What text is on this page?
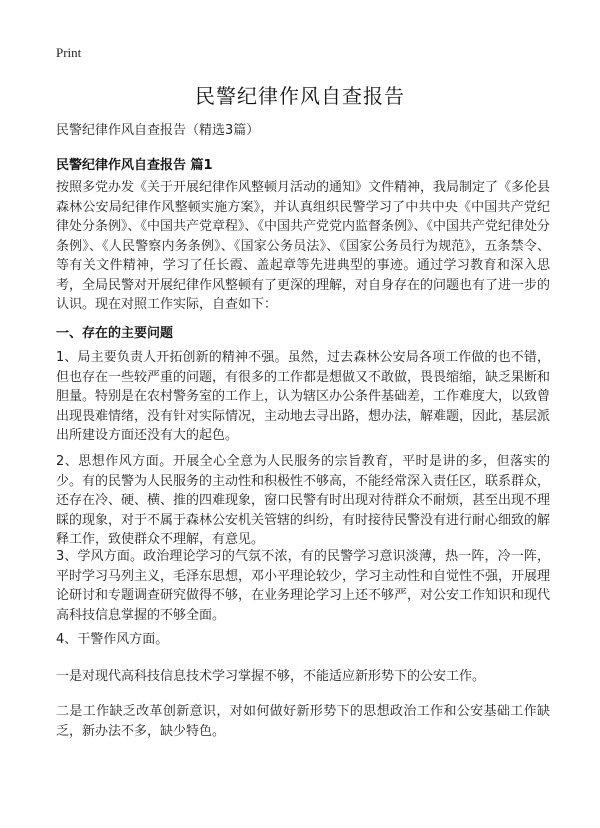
Print
民警纪律作风自查报告
民警纪律作风自查报告（精选3篇）
民警纪律作风自查报告 篇1

按照多党办发《关于开展纪律作风整顿月活动的通知》文件精神，我局制定了《多伦县森林公安局纪律作风整顿实施方案》，并认真组织民警学习了中共中央《中国共产党纪律处分条例》、《中国共产党章程》、《中国共产党党内监督条例》、《中国共产党纪律处分条例》、《人民警察内务条例》、《国家公务员法》、《国家公务员行为规范》，五条禁令、等有关文件精神，学习了任长霞、盖起章等先进典型的事迹。通过学习教育和深入思考，全局民警对开展纪律作风整顿有了更深的理解，对自身存在的问题也有了进一步的认识。现在对照工作实际，自查如下：

一、存在的主要问题

1、局主要负责人开拓创新的精神不强。虽然，过去森林公安局各项工作做的也不错，但也存在一些较严重的问题，有很多的工作都是想做又不敢做，畏畏缩缩，缺乏果断和胆量。特别是在农村警务室的工作上，认为辖区办公条件基础差，工作难度大，以致曾出现畏难情绪，没有针对实际情况，主动地去寻出路，想办法，解难题，因此，基层派出所建设方面还没有大的起色。

2、思想作风方面。开展全心全意为人民服务的宗旨教育，平时是讲的多，但落实的少。有的民警为人民服务的主动性和积极性不够高，不能经常深入责任区，联系群众，还存在冷、硬、横、推的四难现象，窗口民警有时出现对待群众不耐烦，甚至出现不理睬的现象，对于不属于森林公安机关管辖的纠纷，有时接待民警没有进行耐心细致的解释工作，致使群众不理解，有意见。

3、学风方面。政治理论学习的气氛不浓，有的民警学习意识淡薄，热一阵，冷一阵，平时学习马列主义，毛泽东思想，邓小平理论较少，学习主动性和自觉性不强，开展理论研讨和专题调查研究做得不够，在业务理论学习上还不够严，对公安工作知识和现代高科技信息掌握的不够全面。

4、干警作风方面。

一是对现代高科技信息技术学习掌握不够，不能适应新形势下的公安工作。

二是工作缺乏改革创新意识，对如何做好新形势下的思想政治工作和公安基础工作缺乏，新办法不多，缺少特色。
